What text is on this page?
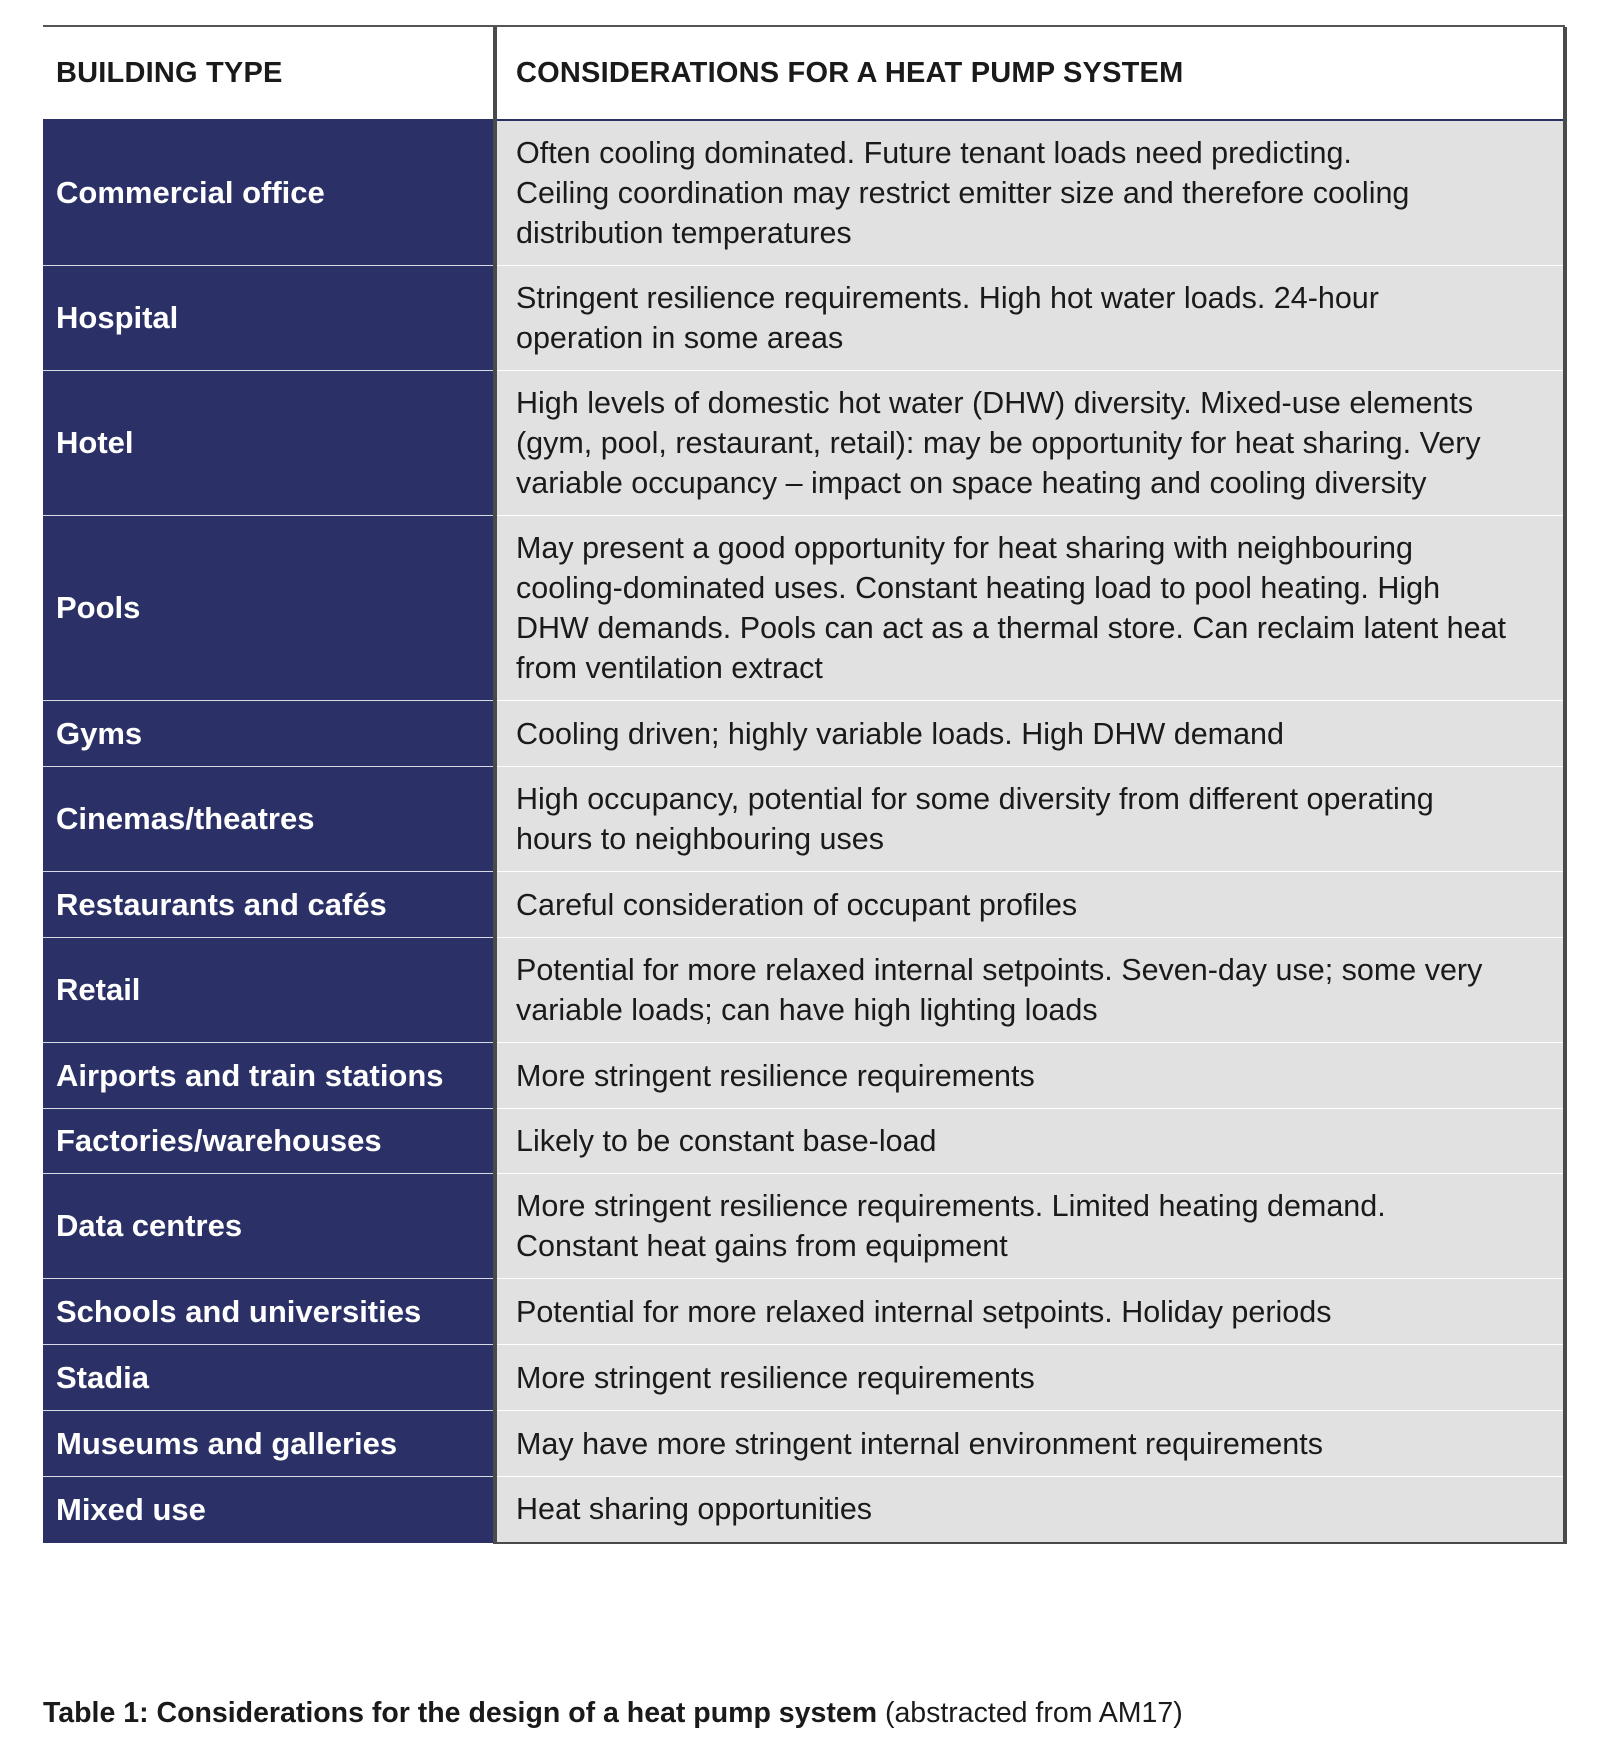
BUILDING TYPE	CONSIDERATIONS FOR A HEAT PUMP SYSTEM
Commercial office	Often cooling dominated. Future tenant loads need predicting.
Ceiling coordination may restrict emitter size and therefore cooling
distribution temperatures

Hospital	Stringent resilience requirements. High hot water loads. 24-hour
operation in some areas

Hotel	High levels of domestic hot water (DHW) diversity. Mixed-use elements
(gym, pool, restaurant, retail): may be opportunity for heat sharing. Very
variable occupancy – impact on space heating and cooling diversity

Pools	May present a good opportunity for heat sharing with neighbouring
cooling-dominated uses. Constant heating load to pool heating. High
DHW demands. Pools can act as a thermal store. Can reclaim latent heat
from ventilation extract

Gyms	Cooling driven; highly variable loads. High DHW demand

Cinemas/theatres	High occupancy, potential for some diversity from different operating
hours to neighbouring uses

Restaurants and cafés	Careful consideration of occupant profiles

Retail	Potential for more relaxed internal setpoints. Seven-day use; some very
variable loads; can have high lighting loads

Airports and train stations	More stringent resilience requirements

Factories/warehouses	Likely to be constant base-load

Data centres	More stringent resilience requirements. Limited heating demand.
Constant heat gains from equipment

Schools and universities	Potential for more relaxed internal setpoints. Holiday periods

Stadia	More stringent resilience requirements

Museums and galleries	May have more stringent internal environment requirements

Mixed use	Heat sharing opportunities
Table 1: Considerations for the design of a heat pump system (abstracted from AM17)
